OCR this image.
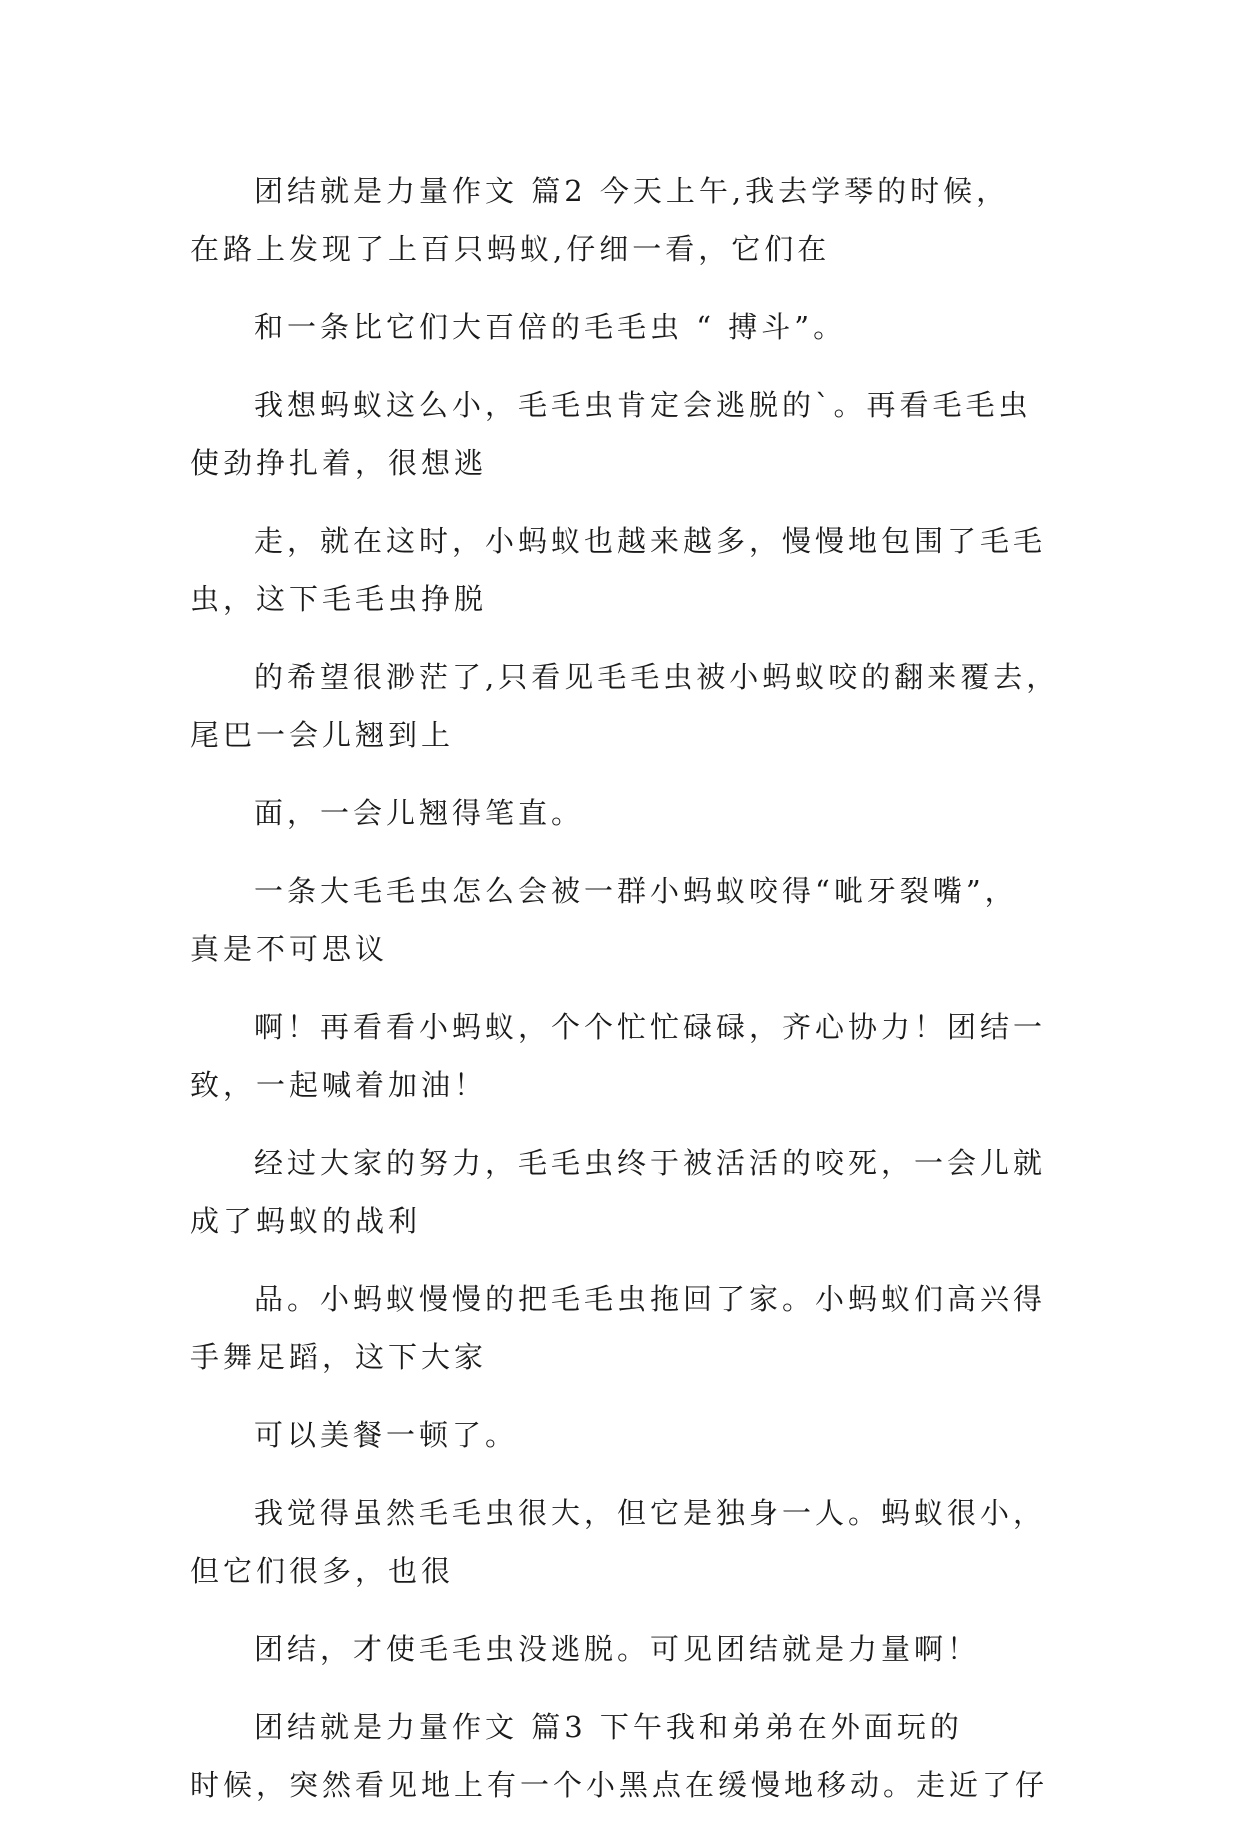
团结就是力量作文 篇2 今天上午,我去学琴的时候，
在路上发现了上百只蚂蚁,仔细一看，它们在

和一条比它们大百倍的毛毛虫 “ 搏斗”。

我想蚂蚁这么小，毛毛虫肯定会逃脱的`。再看毛毛虫
使劲挣扎着，很想逃

走，就在这时，小蚂蚁也越来越多，慢慢地包围了毛毛
虫，这下毛毛虫挣脱

的希望很渺茫了,只看见毛毛虫被小蚂蚁咬的翻来覆去，
尾巴一会儿翘到上

面，一会儿翘得笔直。

一条大毛毛虫怎么会被一群小蚂蚁咬得“呲牙裂嘴”，
真是不可思议

啊！再看看小蚂蚁，个个忙忙碌碌，齐心协力！团结一
致，一起喊着加油！

经过大家的努力，毛毛虫终于被活活的咬死，一会儿就
成了蚂蚁的战利

品。小蚂蚁慢慢的把毛毛虫拖回了家。小蚂蚁们高兴得
手舞足蹈，这下大家

可以美餐一顿了。

我觉得虽然毛毛虫很大，但它是独身一人。蚂蚁很小，
但它们很多，也很

团结，才使毛毛虫没逃脱。可见团结就是力量啊！

团结就是力量作文 篇3 下午我和弟弟在外面玩的
时候，突然看见地上有一个小黑点在缓慢地移动。走近了仔
